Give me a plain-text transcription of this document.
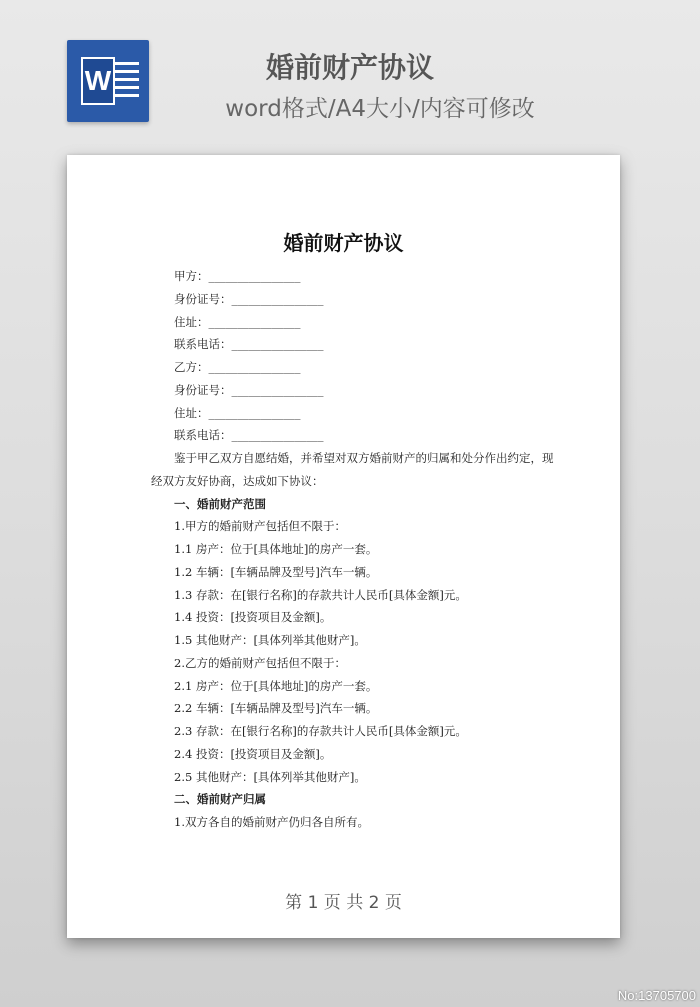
W	婚前财产协议
word格式/A4大小/内容可修改
婚前财产协议
甲方：________________
身份证号：________________
住址：________________
联系电话：________________
乙方：________________
身份证号：________________
住址：________________
联系电话：________________
鉴于甲乙双方自愿结婚，并希望对双方婚前财产的归属和处分作出约定，现
经双方友好协商，达成如下协议：
一、婚前财产范围
1.甲方的婚前财产包括但不限于：
1.1 房产：位于[具体地址]的房产一套。
1.2 车辆：[车辆品牌及型号]汽车一辆。
1.3 存款：在[银行名称]的存款共计人民币[具体金额]元。
1.4 投资：[投资项目及金额]。
1.5 其他财产：[具体列举其他财产]。
2.乙方的婚前财产包括但不限于：
2.1 房产：位于[具体地址]的房产一套。
2.2 车辆：[车辆品牌及型号]汽车一辆。
2.3 存款：在[银行名称]的存款共计人民币[具体金额]元。
2.4 投资：[投资项目及金额]。
2.5 其他财产：[具体列举其他财产]。
二、婚前财产归属
1.双方各自的婚前财产仍归各自所有。
第 1 页 共 2 页
No:13705700
